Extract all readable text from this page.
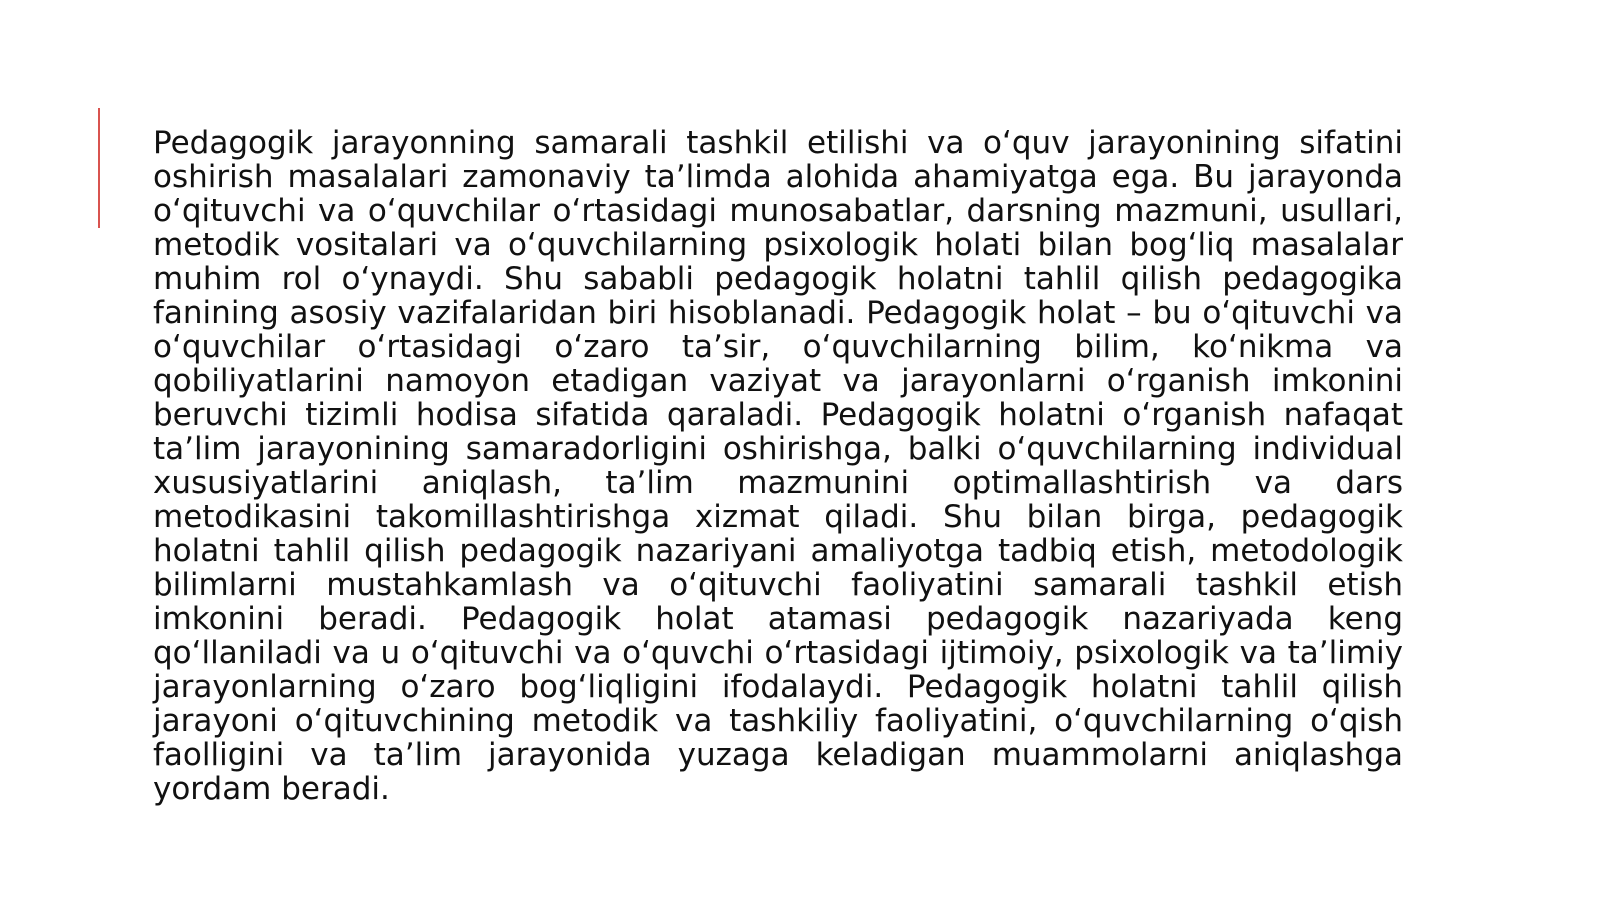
Pedagogik jarayonning samarali tashkil etilishi va o‘quv jarayonining sifatini oshirish masalalari zamonaviy ta’limda alohida ahamiyatga ega. Bu jarayonda o‘qituvchi va o‘quvchilar o‘rtasidagi munosabatlar, darsning mazmuni, usullari, metodik vositalari va o‘quvchilarning psixologik holati bilan bog‘liq masalalar muhim rol o‘ynaydi. Shu sababli pedagogik holatni tahlil qilish pedagogika fanining asosiy vazifalaridan biri hisoblanadi. Pedagogik holat – bu o‘qituvchi va o‘quvchilar o‘rtasidagi o‘zaro ta’sir, o‘quvchilarning bilim, ko‘nikma va qobiliyatlarini namoyon etadigan vaziyat va jarayonlarni o‘rganish imkonini beruvchi tizimli hodisa sifatida qaraladi. Pedagogik holatni o‘rganish nafaqat ta’lim jarayonining samaradorligini oshirishga, balki o‘quvchilarning individual xususiyatlarini aniqlash, ta’lim mazmunini optimallashtirish va dars metodikasini takomillashtirishga xizmat qiladi. Shu bilan birga, pedagogik holatni tahlil qilish pedagogik nazariyani amaliyotga tadbiq etish, metodologik bilimlarni mustahkamlash va o‘qituvchi faoliyatini samarali tashkil etish imkonini beradi. Pedagogik holat atamasi pedagogik nazariyada keng qo‘llaniladi va u o‘qituvchi va o‘quvchi o‘rtasidagi ijtimoiy, psixologik va ta’limiy jarayonlarning o‘zaro bog‘liqligini ifodalaydi. Pedagogik holatni tahlil qilish jarayoni o‘qituvchining metodik va tashkiliy faoliyatini, o‘quvchilarning o‘qish faolligini va ta’lim jarayonida yuzaga keladigan muammolarni aniqlashga yordam beradi.
